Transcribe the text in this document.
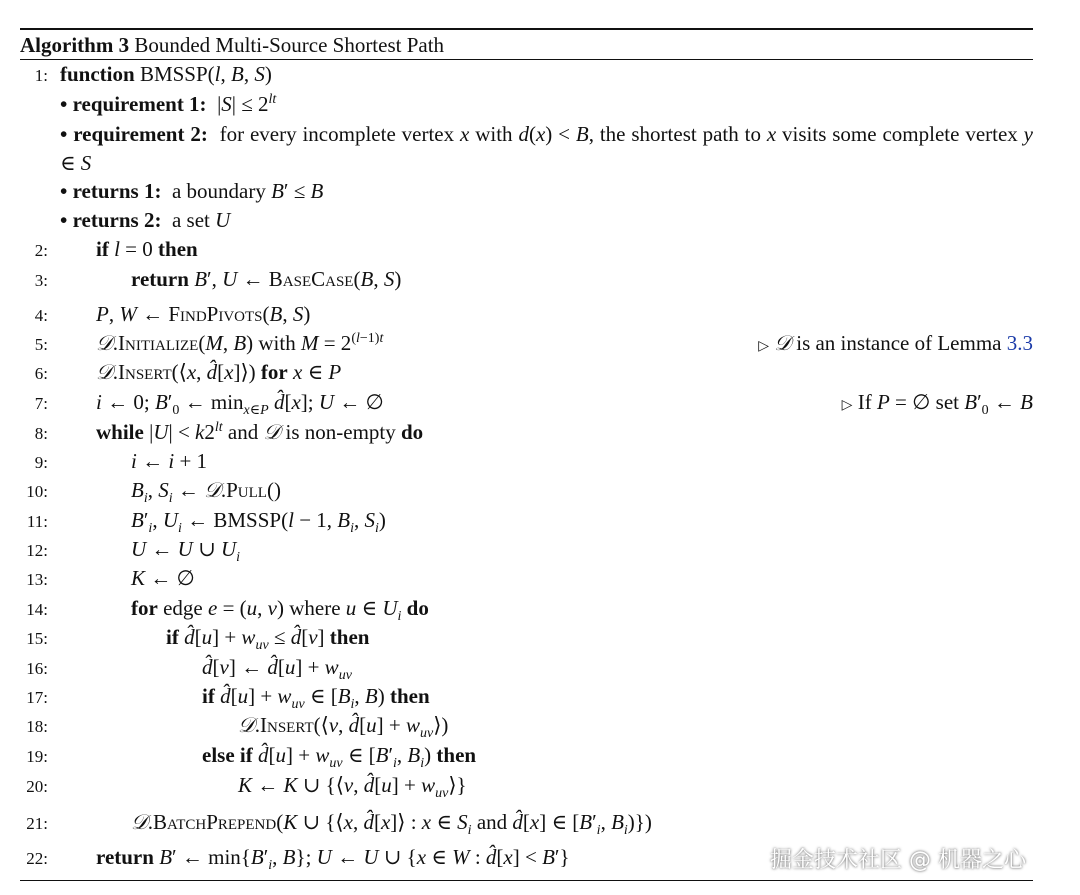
Algorithm 3 Bounded Multi-Source Shortest Path
1: function BMSSP(l, B, S)
• requirement 1:
$|S| \le 2^{lt}$
• requirement 2:
for every incomplete vertex x with d(x) < B, the shortest path to x visits some complete vertex y ∈ S
• returns 1:
a boundary B′ ≤ B
• returns 2:
a set U
2: if l = 0 then
3:	return B′, U ← BaseCase(B, S)
4: P, W ← FindPivots(B, S)
5: 𝒟.Initialize(M, B) with $M = 2^{(l-1)t}$
▷ 𝒟 is an instance of Lemma 3.3
6: 𝒟.Insert(⟨x, d̂[x]⟩) for x ∈ P
7: i ← 0; $B'_0$ ← $\min_{x\in P}$ d̂[x]; U ← ∅	▷ If P = ∅ set $B'_0$ ← B
8: while $|U| < k2^{lt}$ and 𝒟 is non-empty do
9:	i ← i + 1
10:	$B_i$, $S_i$ ← 𝒟.Pull()
11:	$B'_i$, $U_i$ ← BMSSP(l − 1, $B_i$, $S_i$)
12:	U ← U ∪ $U_i$
13:	K ← ∅
14:	for edge e = (u, v) where u ∈ $U_i$ do
15:	if d̂[u] + $w_{uv}$ ≤ d̂[v] then
16:	d̂[v] ← d̂[u] + $w_{uv}$
17:	if d̂[u] + $w_{uv}$ ∈ [$B_i$, B) then
18:	𝒟.Insert(⟨v, d̂[u] + $w_{uv}⟩$)
19:	else if d̂[u] + $w_{uv}$ ∈ [$B'_i$, $B_i$) then
20:	K ← K ∪ {⟨v, d̂[u] + $w_{uv}⟩$}
21:	𝒟.BatchPrepend(K ∪ {⟨x, d̂[x]⟩ : x ∈ $S_i$ and d̂[x] ∈ [$B'_i$, $B_i$)})
22: return B′ ← $\min\{B'_i$, B}; U ← U ∪ {x ∈ W : d̂[x] < B′}	掘金技术社区 @ 机器之心
